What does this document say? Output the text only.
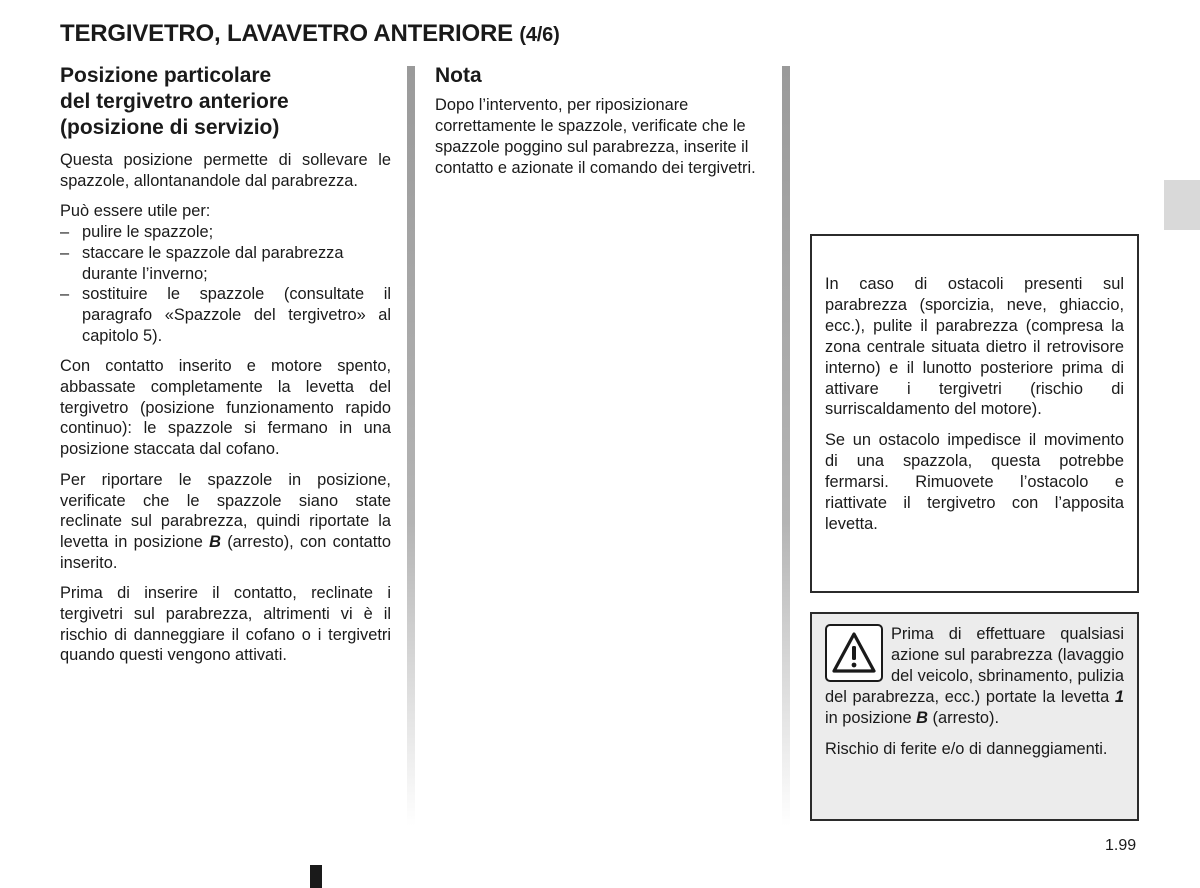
TERGIVETRO, LAVAVETRO ANTERIORE (4/6)
Posizione particolare
del tergivetro anteriore
(posizione di servizio)

Questa posizione permette di sollevare le spazzole, allontanandole dal parabrezza.

Può essere utile per:
– pulire le spazzole;
– staccare le spazzole dal parabrezza durante l’inverno;
– sostituire le spazzole (consultate il paragrafo «Spazzole del tergivetro» al capitolo 5).

Con contatto inserito e motore spento, abbassate completamente la levetta del tergivetro (posizione funzionamento rapido continuo): le spazzole si fermano in una posizione staccata dal cofano.

Per riportare le spazzole in posizione, verificate che le spazzole siano state reclinate sul parabrezza, quindi riportate la levetta in posizione B (arresto), con contatto inserito.

Prima di inserire il contatto, reclinate i tergivetri sul parabrezza, altrimenti vi è il rischio di danneggiare il cofano o i tergivetri quando questi vengono attivati.

Nota

Dopo l’intervento, per riposizionare correttamente le spazzole, verificate che le spazzole poggino sul parabrezza, inserite il contatto e azionate il comando dei tergivetri.

In caso di ostacoli presenti sul parabrezza (sporcizia, neve, ghiaccio, ecc.), pulite il parabrezza (compresa la zona centrale situata dietro il retrovisore interno) e il lunotto posteriore prima di attivare i tergivetri (rischio di surriscaldamento del motore).

Se un ostacolo impedisce il movimento di una spazzola, questa potrebbe fermarsi. Rimuovete l’ostacolo e riattivate il tergivetro con l’apposita levetta.

Prima di effettuare qualsiasi azione sul parabrezza (lavaggio del veicolo, sbrinamento, pulizia del parabrezza, ecc.) portate la levetta 1 in posizione B (arresto).

Rischio di ferite e/o di danneggiamenti.

1.99
